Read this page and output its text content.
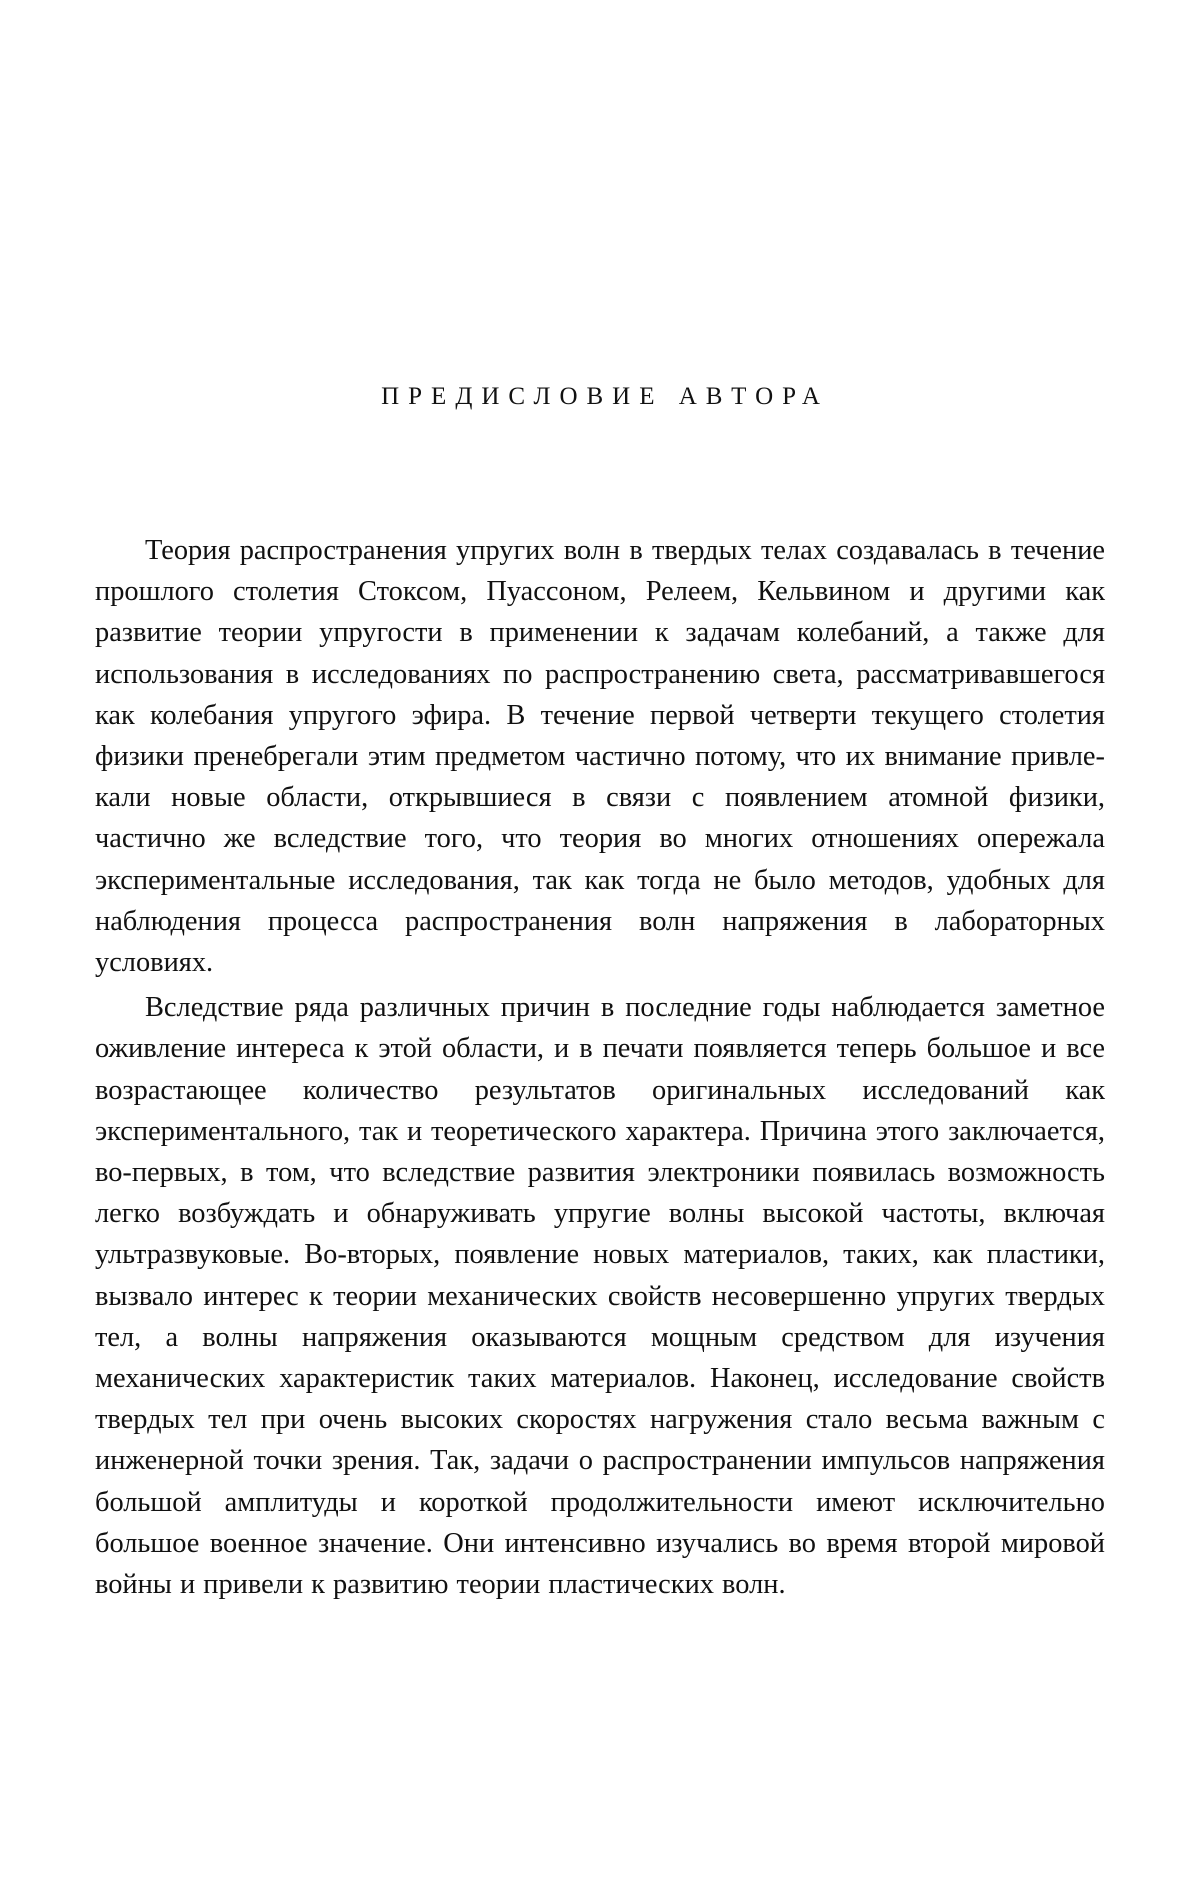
ПРЕДИСЛОВИЕ АВТОРА

Теория распространения упругих волн в твердых телах создавалась в течение прошлого столетия Стоксом, Пуассоном, Релеем, Кельвином и другими как развитие теории упругости в применении к задачам колебаний, а также для использования в исследованиях по распространению света, рассматривавшегося как колебания упругого эфира. В течение первой четверти текущего столетия физики пренебрегали этим предметом частично потому, что их внимание привлекали новые области, открывшиеся в связи с появлением атомной физики, частично же вследствие того, что теория во многих отношениях опережала экспериментальные исследования, так как тогда не было методов, удобных для наблюдения процесса распространения волн напряжения в лабораторных условиях.

Вследствие ряда различных причин в последние годы наблюдается заметное оживление интереса к этой области, и в печати появляется теперь большое и все возрастающее количество результатов оригинальных исследований как экспериментального, так и теоретического характера. Причина этого заключается, во-первых, в том, что вследствие развития электроники появилась возможность легко возбуждать и обнаруживать упругие волны высокой частоты, включая ультразвуковые. Во-вторых, появление новых материалов, таких, как пластики, вызвало интерес к теории механических свойств несовершенно упругих твердых тел, а волны напряжения оказываются мощным средством для изучения механических характеристик таких материалов. Наконец, исследование свойств твердых тел при очень высоких скоростях нагружения стало весьма важным с инженерной точки зрения. Так, задачи о распространении импульсов напряжения большой амплитуды и короткой продолжительности имеют исключительно большое военное значение. Они интенсивно изучались во время второй мировой войны и привели к развитию теории пластических волн.
